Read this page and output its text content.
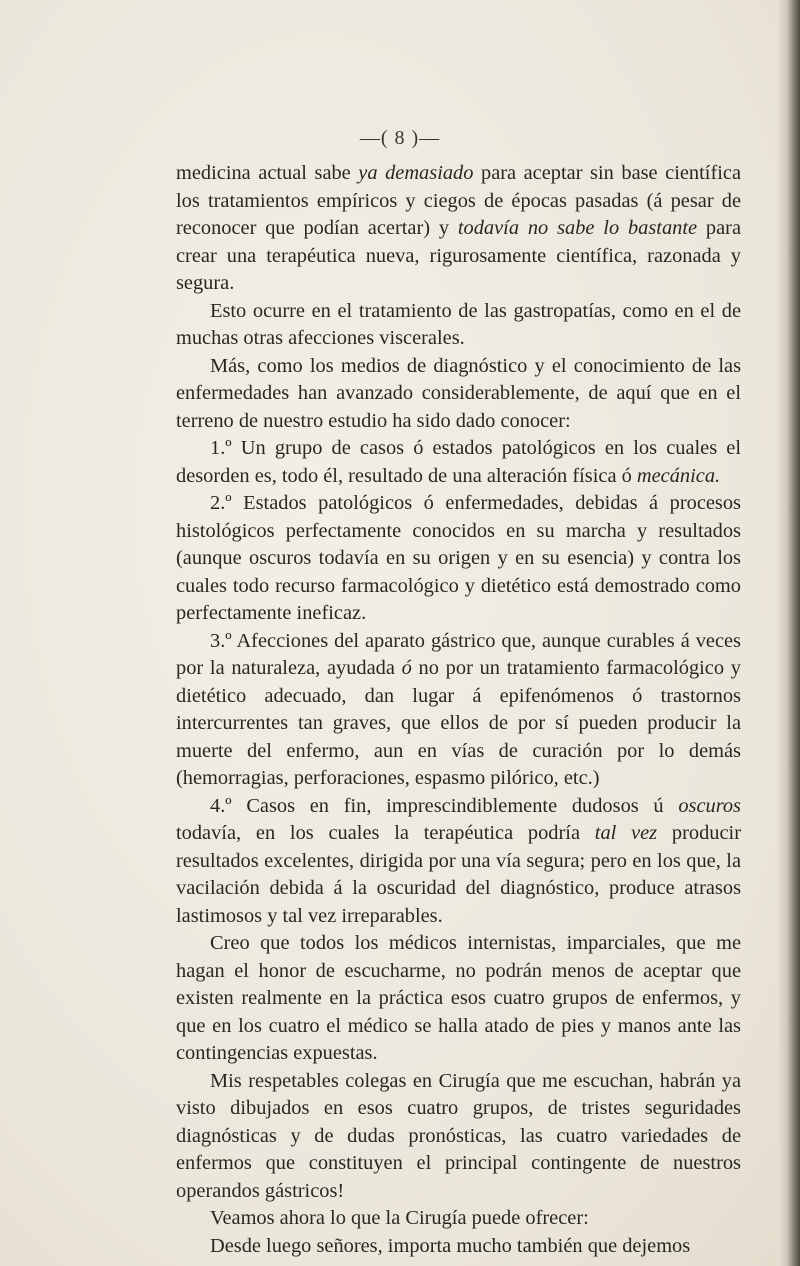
—( 8 )—

medicina actual sabe ya demasiado para aceptar sin base científica los tratamientos empíricos y ciegos de épocas pasadas (á pesar de reconocer que podían acertar) y todavía no sabe lo bastante para crear una terapéutica nueva, rigurosamente científica, razonada y segura.

Esto ocurre en el tratamiento de las gastropatías, como en el de muchas otras afecciones viscerales.

Más, como los medios de diagnóstico y el conocimiento de las enfermedades han avanzado considerablemente, de aquí que en el terreno de nuestro estudio ha sido dado conocer:

1.º Un grupo de casos ó estados patológicos en los cuales el desorden es, todo él, resultado de una alteración física ó mecánica.

2.º Estados patológicos ó enfermedades, debidas á procesos histológicos perfectamente conocidos en su marcha y resultados (aunque oscuros todavía en su origen y en su esencia) y contra los cuales todo recurso farmacológico y dietético está demostrado como perfectamente ineficaz.

3.º Afecciones del aparato gástrico que, aunque curables á veces por la naturaleza, ayudada ó no por un tratamiento farmacológico y dietético adecuado, dan lugar á epifenómenos ó trastornos intercurrentes tan graves, que ellos de por sí pueden producir la muerte del enfermo, aun en vías de curación por lo demás (hemorragias, perforaciones, espasmo pilórico, etc.)

4.º Casos en fin, imprescindiblemente dudosos ú oscuros todavía, en los cuales la terapéutica podría tal vez producir resultados excelentes, dirigida por una vía segura; pero en los que, la vacilación debida á la oscuridad del diagnóstico, produce atrasos lastimosos y tal vez irreparables.

Creo que todos los médicos internistas, imparciales, que me hagan el honor de escucharme, no podrán menos de aceptar que existen realmente en la práctica esos cuatro grupos de enfermos, y que en los cuatro el médico se halla atado de pies y manos ante las contingencias expuestas.

Mis respetables colegas en Cirugía que me escuchan, habrán ya visto dibujados en esos cuatro grupos, de tristes seguridades diagnósticas y de dudas pronósticas, las cuatro variedades de enfermos que constituyen el principal contingente de nuestros operandos gástricos!

Veamos ahora lo que la Cirugía puede ofrecer:

Desde luego señores, importa mucho también que dejemos
